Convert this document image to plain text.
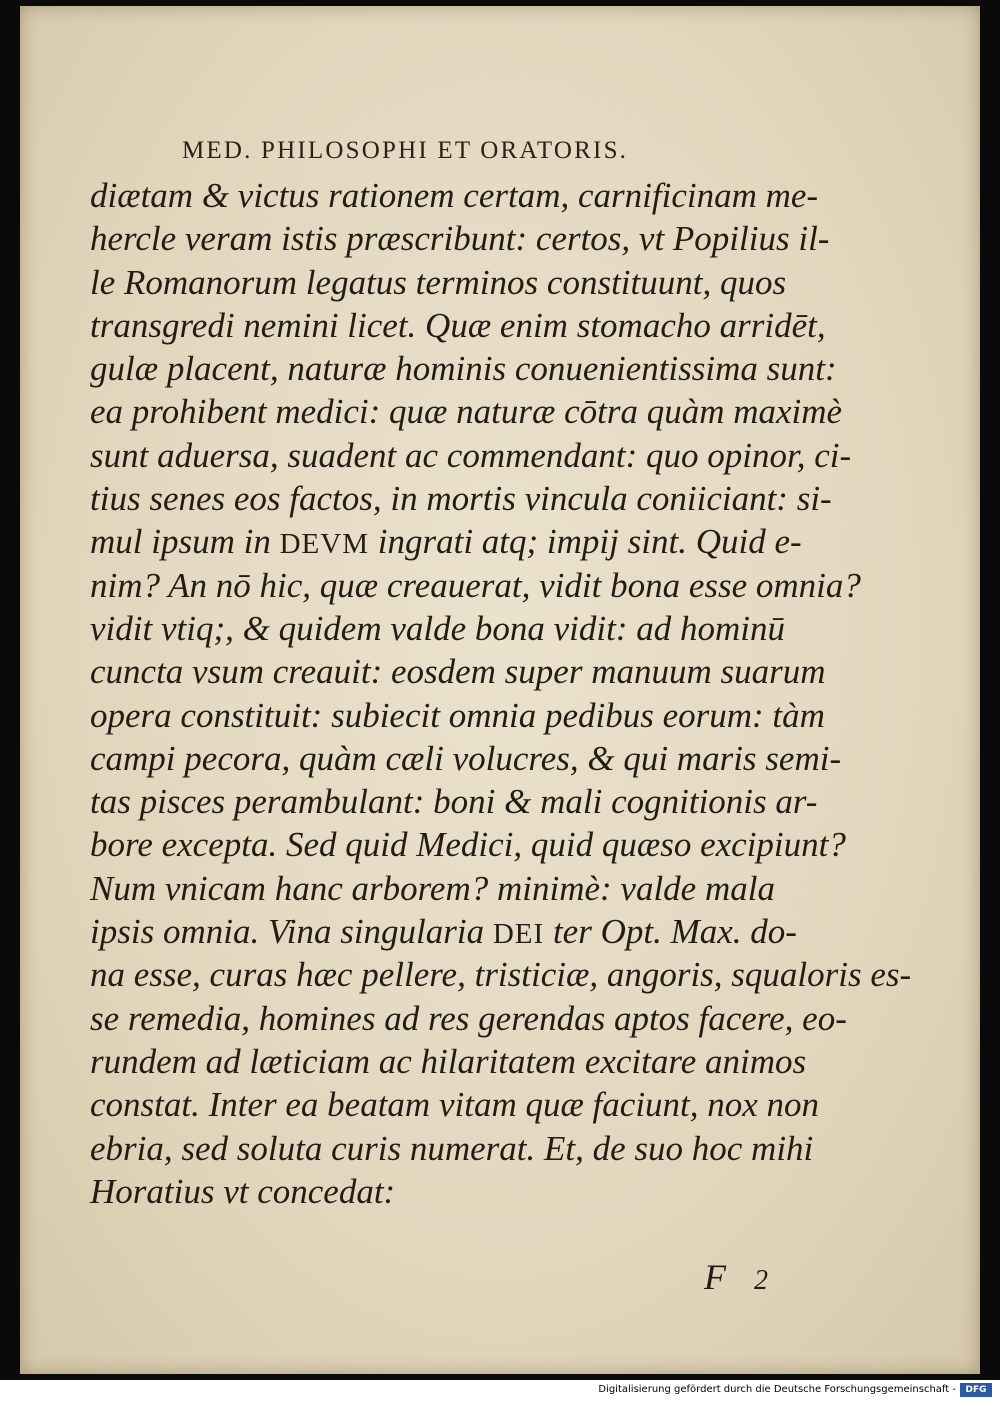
MED. PHILOSOPHI ET ORATORIS.
diætam & victus rationem certam, carnificinam me-
hercle veram istis præscribunt: certos, vt Popilius il-
le Romanorum legatus terminos constituunt, quos
transgredi nemini licet. Quæ enim stomacho arridēt,
gulæ placent, naturæ hominis conuenientissima sunt:
ea prohibent medici: quæ naturæ cōtra quàm maximè
sunt aduersa, suadent ac commendant: quo opinor, ci-
tius senes eos factos, in mortis vincula coniiciant: si-
mul ipsum in DEVM ingrati atq; impij sint. Quid e-
nim? An nō hic, quæ creauerat, vidit bona esse omnia?
vidit vtiq;, & quidem valde bona vidit: ad hominū
cuncta vsum creauit: eosdem super manuum suarum
opera constituit: subiecit omnia pedibus eorum: tàm
campi pecora, quàm cæli volucres, & qui maris semi-
tas pisces perambulant: boni & mali cognitionis ar-
bore excepta. Sed quid Medici, quid quæso excipiunt?
Num vnicam hanc arborem? minimè: valde mala
ipsis omnia. Vina singularia DEI ter Opt. Max. do-
na esse, curas hæc pellere, tristiciæ, angoris, squaloris es-
se remedia, homines ad res gerendas aptos facere, eo-
rundem ad læticiam ac hilaritatem excitare animos
constat. Inter ea beatam vitam quæ faciunt, nox non
ebria, sed soluta curis numerat. Et, de suo hoc mihi
Horatius vt concedat:
F 2
Digitalisierung gefördert durch die Deutsche Forschungsgemeinschaft -	DFG
